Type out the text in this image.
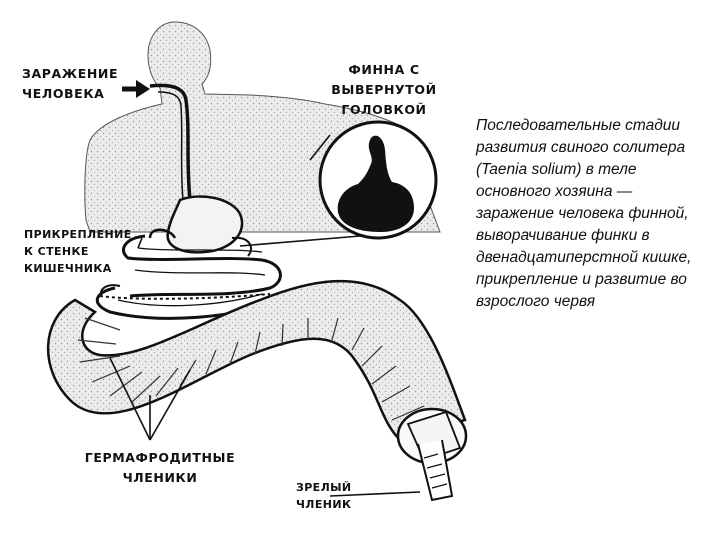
ЗАРАЖЕНИЕ
ЧЕЛОВЕКА
ФИННА С
ВЫВЕРНУТОЙ
ГОЛОВКОЙ
ПРИКРЕПЛЕНИЕ
К СТЕНКЕ
КИШЕЧНИКА
ГЕРМАФРОДИТНЫЕ
ЧЛЕНИКИ
ЗРЕЛЫЙ
ЧЛЕНИК
Последовательные стадии развития свиного солитера (Taenia solium) в теле основного хозяина — заражение человека финной, выворачивание финки в двенадцатиперстной кишке, прикрепление и развитие во взрослого червя
